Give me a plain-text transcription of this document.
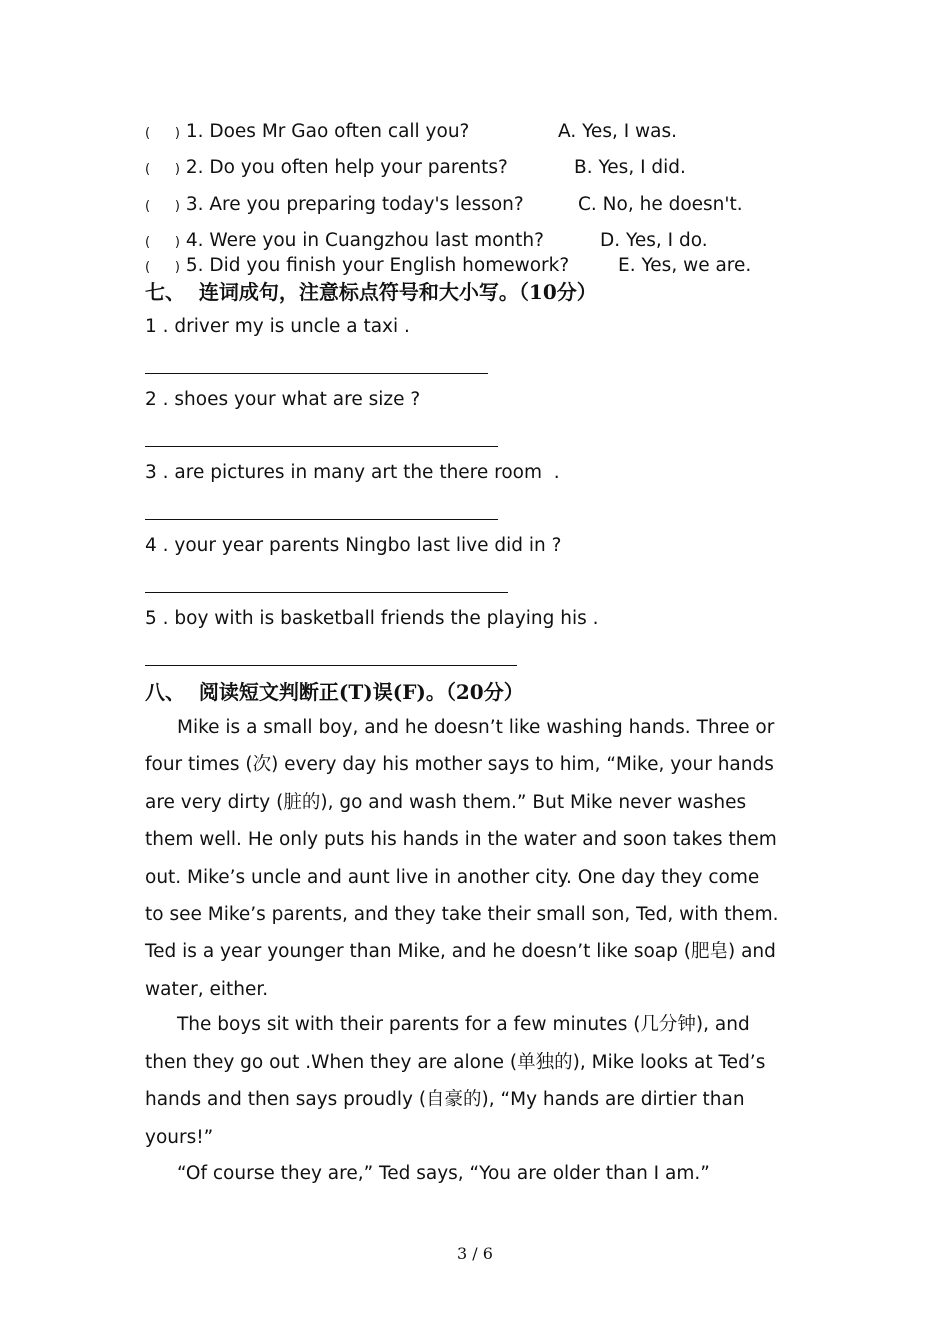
(      ) 1. Does Mr Gao often call you?	A. Yes, I was.
(      ) 2. Do you often help your parents?	B. Yes, I did.
(      ) 3. Are you preparing today's lesson?	C. No, he doesn't.
(      ) 4. Were you in Cuangzhou last month?	D. Yes, I do.
(      ) 5. Did you finish your English homework?	E. Yes, we are.
七、  连词成句，注意标点符号和大小写。（10分）
1 . driver my is uncle a taxi .
2 . shoes your what are size ?
3 . are pictures in many art the there room  .
4 . your year parents Ningbo last live did in ?
5 . boy with is basketball friends the playing his .
八、  阅读短文判断正(T)误(F)。（20分）
Mike is a small boy, and he doesn’t like washing hands. Three or
four times (次) every day his mother says to him, “Mike, your hands
are very dirty (脏的), go and wash them.” But Mike never washes
them well. He only puts his hands in the water and soon takes them
out. Mike’s uncle and aunt live in another city. One day they come
to see Mike’s parents, and they take their small son, Ted, with them.
Ted is a year younger than Mike, and he doesn’t like soap (肥皂) and
water, either.
The boys sit with their parents for a few minutes (几分钟), and
then they go out .When they are alone (单独的), Mike looks at Ted’s
hands and then says proudly (自豪的), “My hands are dirtier than
yours!”
“Of course they are,” Ted says, “You are older than I am.”
3 / 6
